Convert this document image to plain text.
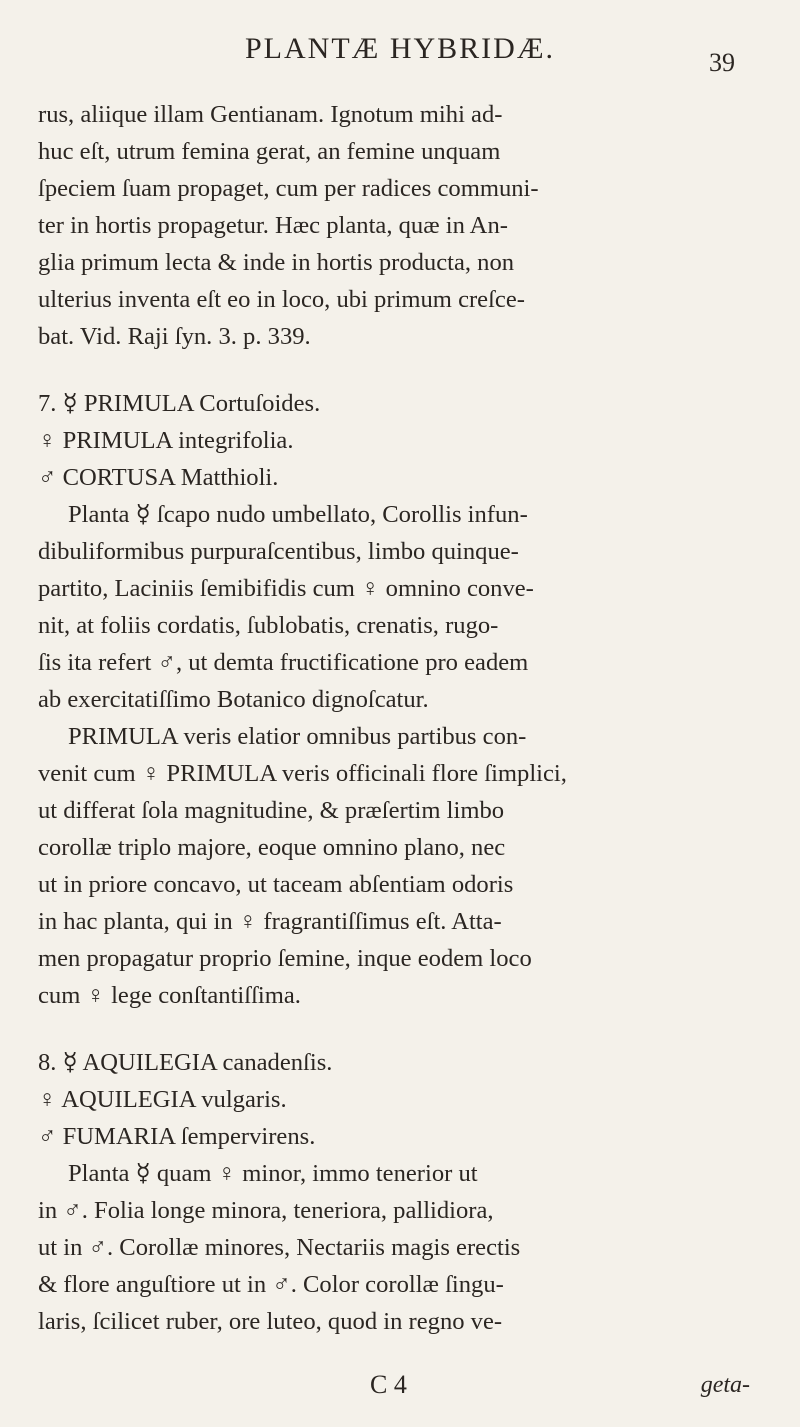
PLANTÆ HYBRIDÆ.	39
rus, aliique illam Gentianam. Ignotum mihi ad-
huc eſt, utrum femina gerat, an femine unquam
ſpeciem ſuam propaget, cum per radices communi-
ter in hortis propagetur. Hæc planta, quæ in An-
glia primum lecta & inde in hortis producta, non
ulterius inventa eſt eo in loco, ubi primum creſce-
bat. Vid. Raji ſyn. 3. p. 339.
7. ☿ PRIMULA Cortuſoides.
♀ PRIMULA integrifolia.
♂ CORTUSA Matthioli.
Planta ☿ ſcapo nudo umbellato, Corollis infun-
dibuliformibus purpuraſcentibus, limbo quinque-
partito, Laciniis ſemibifidis cum ♀ omnino conve-
nit, at foliis cordatis, ſublobatis, crenatis, rugo-
ſis ita refert ♂, ut demta fructificatione pro eadem
ab exercitatiſſimo Botanico dignoſcatur.
PRIMULA veris elatior omnibus partibus con-
venit cum ♀ PRIMULA veris officinali flore ſimplici,
ut differat ſola magnitudine, & præſertim limbo
corollæ triplo majore, eoque omnino plano, nec
ut in priore concavo, ut taceam abſentiam odoris
in hac planta, qui in ♀ fragrantiſſimus eſt. Atta-
men propagatur proprio ſemine, inque eodem loco
cum ♀ lege conſtantiſſima.
8. ☿ AQUILEGIA canadenſis.
♀ AQUILEGIA vulgaris.
♂ FUMARIA ſempervirens.
Planta ☿ quam ♀ minor, immo tenerior ut
in ♂. Folia longe minora, teneriora, pallidiora,
ut in ♂. Corollæ minores, Nectariis magis erectis
& flore anguſtiore ut in ♂. Color corollæ ſingu-
laris, ſcilicet ruber, ore luteo, quod in regno ve-
C 4	geta-
